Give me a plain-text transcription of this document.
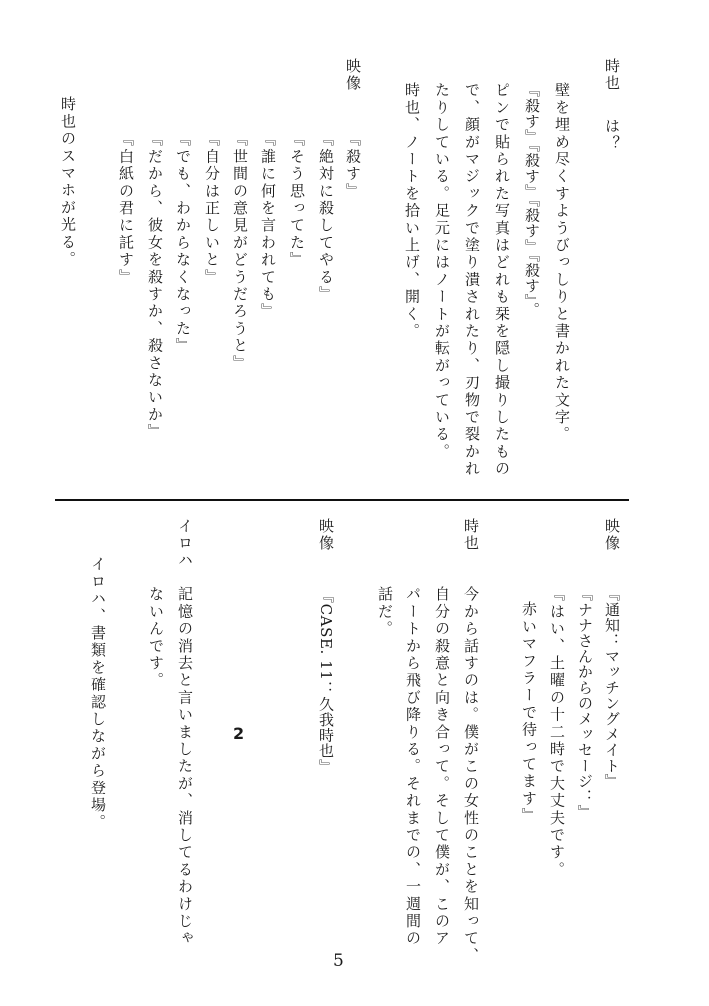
時也
は？
壁を埋め尽くすようびっしりと書かれた文字。
『殺す』『殺す』『殺す』『殺す』。
ピンで貼られた写真はどれも栞を隠し撮りしたもの
で、顔がマジックで塗り潰されたり、刃物で裂かれ
たりしている。足元にはノートが転がっている。
時也、ノートを拾い上げ、開く。
映像
『殺す』
『絶対に殺してやる』
『そう思ってた』
『誰に何を言われても』
『世間の意見がどうだろうと』
『自分は正しいと』
『でも、わからなくなった』
『だから、彼女を殺すか、殺さないか』
『白紙の君に託す』
時也のスマホが光る。
映像
『通知：マッチングメイト』
『ナナさんからのメッセージ：』
『はい、土曜の十二時で大丈夫です。
赤いマフラーで待ってます』
時也
今から話すのは。僕がこの女性のことを知って、
自分の殺意と向き合って。そして僕が、このア
パートから飛び降りる。それまでの、一週間の
話だ。
映像
『CASE. 11：久我時也』
2
イロハ
記憶の消去と言いましたが、消してるわけじゃ
ないんです。
イロハ、書類を確認しながら登場。
5
